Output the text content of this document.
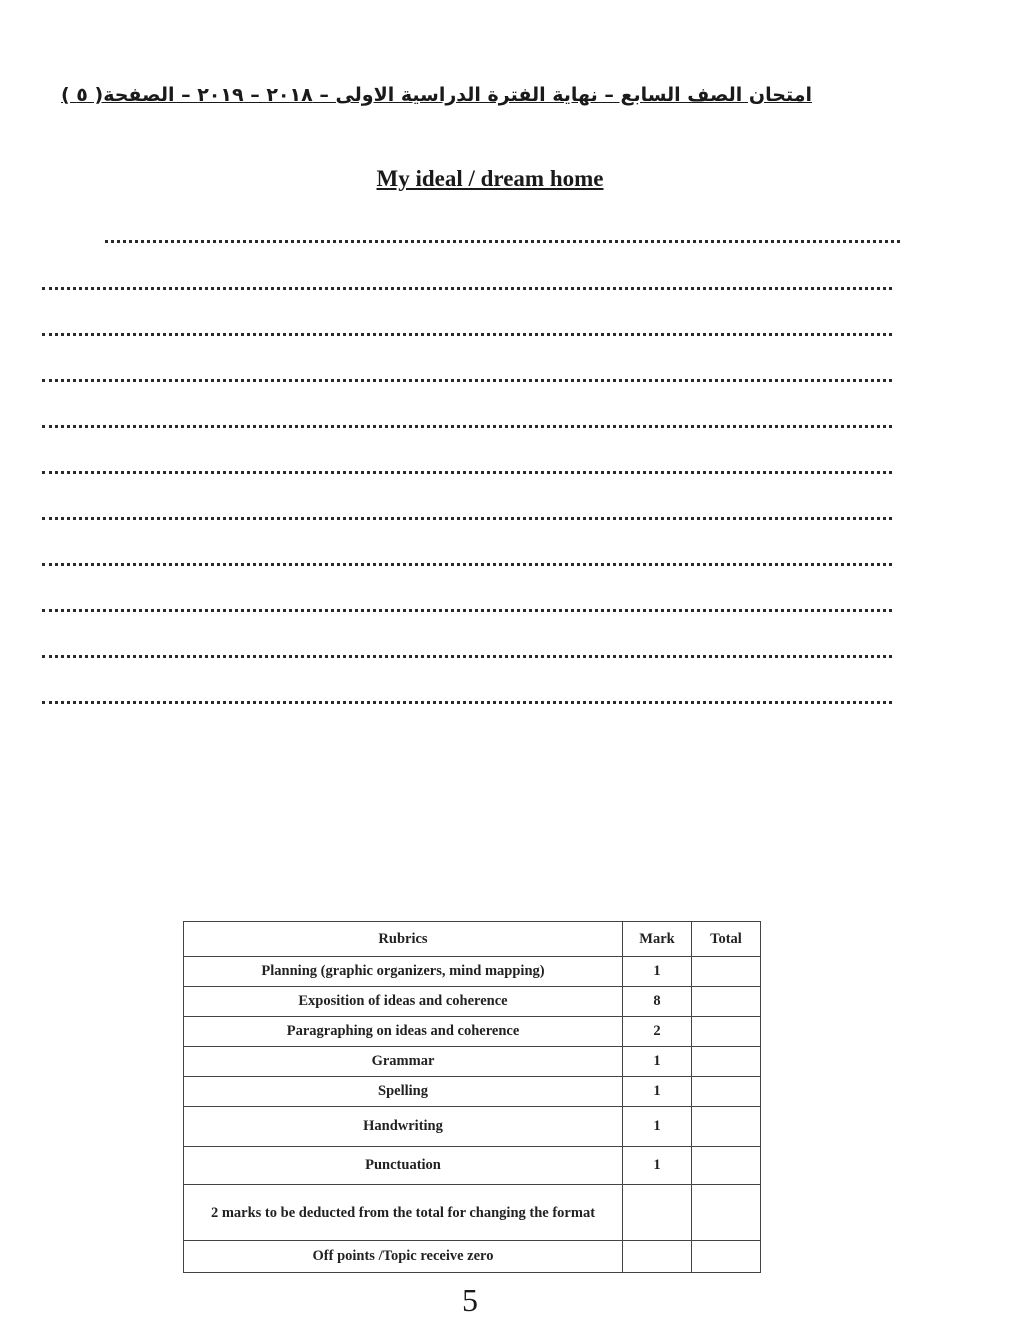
امتحان الصف السابع – نهاية الفترة الدراسية الاولى – ٢٠١٨ – ٢٠١٩ – الصفحة( ٥ )
My ideal / dream home
Rubrics	Mark	Total
Planning (graphic organizers, mind mapping)	1	
Exposition of ideas and coherence	8	
Paragraphing on ideas and coherence	2	
Grammar	1	
Spelling	1	
Handwriting	1	
Punctuation	1	
2 marks to be deducted from the total for changing the format		
Off points /Topic receive zero		
5
